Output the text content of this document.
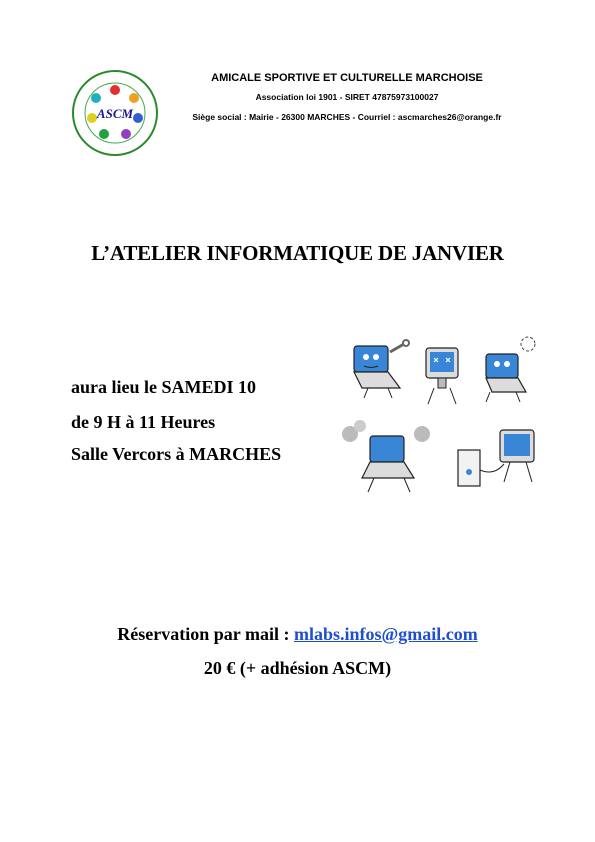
ASCM
AMICALE SPORTIVE ET CULTURELLE MARCHOISE
Association loi 1901 - SIRET 47875973100027
Siège social : Mairie - 26300 MARCHES - Courriel : ascmarches26@orange.fr
L’ATELIER INFORMATIQUE DE JANVIER
aura lieu le SAMEDI 10
de 9 H à 11 Heures
Salle Vercors à MARCHES
Réservation par mail : mlabs.infos@gmail.com
20 € (+ adhésion ASCM)
